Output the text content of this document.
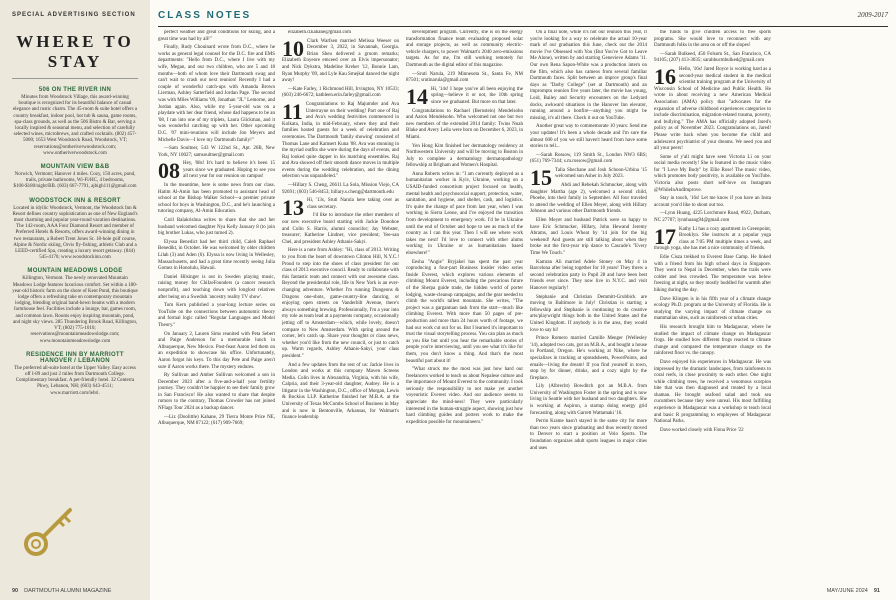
SPECIAL ADVERTISING SECTION
WHERE TO STAY
506 ON THE RIVER INN

Minutes from Woodstock Village, this award-winning boutique is recognized for its beautiful balance of casual elegance and rustic charm. The 45-room & suite hotel offers a country breakfast, indoor pool, hot tub & sauna, game rooms, spa-class grounds, as well as the 506 Bistro & Bar, serving a locally inspired & seasonal menu, and selection of carefully selected wines, microbrews, and crafted cocktails. (802) 457-5000; 1653 West Woodstock Road, Woodstock, VT; reservations@ontheriverwoodstock.com; www.ontheriverwoodstock.com

MOUNTAIN VIEW B&B

Norwich, Vermont; Hanover 4 miles. Cozy, 150 acres, pond, trails, private bathrooms, Wi-Fi/HC, 4 bedrooms, $100-$180/night/BB. (603) 667-7791, ajbigh111@gmail.com

WOODSTOCK INN & RESORT

Located in idyllic Woodstock, Vermont, the Woodstock Inn & Resort defines country sophistication as one of New England's most charming and popular year-round vacation destinations. The 142-room, AAA Four Diamond Resort and member of Preferred Hotels & Resorts, offers award-winning dining in two restaurants, a Robert Trent Jones Sr. 18-hole golf course, Alpine & Nordic skiing, Orvis fly-fishing, athletic Club and a LEED-certified Spa, creating a luxury resort getaway. (844) 545-4176; www.woodstockinn.com

MOUNTAIN MEADOWS LODGE

Killington, Vermont. The newly renovated Mountain Meadows Lodge features luxurious comfort. Set within a 180-year-old historic farm on the shore of Kent Pond, this boutique lodge offers a refreshing take on contemporary mountain lodging, blending original hand-hewn beams with a modern farmhouse feel. Facilities include a lounge, bar, games room, and common lawn. Rooms enjoy inspiring mountain, pond, and night sky views. 285 Thundering Brook Road, Killington, VT; (802) 775-1010; reservations@mountainmeadowslodge.com; www.mountainmeadowslodge.com

RESIDENCE INN BY MARRIOTT HANOVER / LEBANON

The preferred all-suite hotel at the Upper Valley. Easy access off I-89 and just 2 miles from Dartmouth College. Complimentary breakfast. A pet-friendly hotel. 32 Centerra Pkwy, Lebanon, NH; (603) 643-4511; www.marriott.com/lebri.

90 DARTMOUTH ALUMNI MAGAZINE
CLASS NOTES	2009-2017

perfect weather and great conditions for skiing, and a great time was had by all!"

Finally, Rudy Chouinard wrote from D.C., where he works as general legal counsel for the D.C. fire and EMS departments: "Hello from D.C., where I live with my wife, Megan, and our two children, who are 5 and 18 months—both of whom love their Dartmouth swag and can't wait to crash our next reunion! Recently I had a couple of wonderful catch-ups with Amanda Brown Lierman, Ashley Satterfield and Jordan Page. The second was with Miles Williams '09, Jonathan "JL" Lemorne, and Jordan again. Also, while my 5-year-old was on a playdate with her dear friend, whose dad happens to be an '08, I ran into one of my triplets, Laura Glickman, and it was wonderful catching up with her. Other upcoming D.C. '07 mini-reunions will include Jon Meyers and Michelle Davis—I love my Dartmouth family!"

—Sam Soultner, 543 W 122nd St., Apt. 26B, New York, NY 10027; samsoultner@gmail.com

08 Hey, '08s! It's hard to believe it's been 15 years since we graduated. Hoping to see you all next year for our reunion on campus!

In the meantime, here is some news from our class. Hatim Al-Amin has been promoted to assistant head of school at the Bishop Walker School—a premier private school for boys in Washington, D.C., and he's launching a tutoring company, Al-Amin Education.

Caril Balakrishna writes to share that she and her husband welcomed daughter Nya Kelly January 8 (to join big brother Lukas, who just turned 2).

Elyssa Benedict had her third child, Caleb Raphael Benedikt, in October. He was welcomed by older children Lilah (3) and Aden (6). Elyssa is now living in Wellesley, Massachusetts, and had a great time recently seeing Julia Gomez in Honolulu, Hawaii.

Daniel Hilsinger is out in Sweden playing music, raising money for ChiIzeFounders (a cancer research nonprofit), and touching down with longlost relatives after being on a Swedish 'ancestry reality TV show'.

Tom Kern published a year-long lecture series on YouTube on the connections between autonomic theory and formal logic called "Regular Languages and Model Theory."

On January 2, Lauren Sims reunited with Peta Sebert and Paige Anderson for a memorable lunch in Albuquerque, New Mexico. Post-feast Aaron led them on an expedition to showcase his office. Unfortunately, Aaron forgot his keys. To this day Pete and Paige aren't sure if Aaron works there. The mystery endures.

Ry Sullivan and Amber Sullivan welcomed a son in December 2023 after a five-and-a-half year fertility journey. They couldn't be happier to see their family grow in San Francisco! He also wanted to share that despite rumors to the contrary, Thomas Crowder has not joined NFlags Tour 2024 as a backup dancer.

—Liz (Doolittle) Kahane, 29 Tierra Monte Price NE, Albuquerque, NM 87122; (617) 909-7669;

elizabeth.d.kahane@gmail.com

10 Clark Warfsen married Melissa Weeser on December 3, 2022, in Savannah, Georgia. Brian Sheu delivered a groom remarks; Elizabeth Enyeore emceed over an Elvis impersonator; and Nick Dykstra, Madeline Kreher '12, Bonnie Lam, Ryan Murphy '09, and Lyle Kau Smejkal danced the night away!

—Kate Farley, 1 Richmond Hill, Irvington, NY 10533; (603) 246-6672; kathleen.erin.farley@gmail.com

11 Congratulations to Raj Majumder and Ava Unterrayne on their wedding! Part one of Raj and Ava's wedding festivities commenced in Kolkata, India, in mid-February, where they and their families hosted guests for a week of celebration and ceremonies. The Dartmouth 'family showing' consisted of Thomas Lane and Kamsert Kuna '08. Ava was stunning in the myriad outfits she wore during the days of events, and Raj looked quite dapper in his matching ensembles. Raj and Ava showed off their smooth dance moves in multiple events during the wedding celebration, and the dining selection was unparalleled."

—Hillary S. Cheng, 26611 La Sola, Mission Viejo, CA 92691; (603) 546-8453; hillary.s.cheng@dartmouth.edu

13 Hi, '13s, Sruti Narula here taking over as class secretary.

I'd like to introduce the other members of our new executive board starting with Jackie Donohoe and Colin S. Harris, alumni councilor; Jay Webster, treasurer; Katherine Lindner, vice president; Yee-san Chel, and president Ashley Athanis-Sakyi.

Here is a note from Ashley: "Hi, class of 2013. Writing to you from the heart of downtown Clinton Hill, N.Y.C.! Proud to step into the shoes of class president for our class of 2013 executive council. Ready to collaborate with this fantastic team and connect with our awesome class. Beyond the presidential role, life in New York is an ever-changing adventure. Whether I'm running Dungeons & Dragons one-shots, game-country-line dancing, or enjoying open streets on Vanderbilt Avenue, there's always something brewing. Professionally, I'm a year into my role as team lead at a payments company, occasionally jetting off to Amsterdam—which, while lovely, doesn't compare to New Amsterdam. With spring around the corner, let's catch up. Share your thoughts or class news, whether you'd like from the new council, or just to catch up. Warm regards, Ashley Athanis-Sakyi, your class president."

And a few updates from the rest of us: Jackie lives in London and works at this company Maven Screens Media. Colin lives in Alexandria, Virginia, with his wife, Calpria, and their 3-year-old daughter, Audrey. He is a litigator in the Washington, D.C., office of Morgan, Lewis & Bockius LLP. Katherine finished her M.B.A. at the University of Texas McCombs School of Business in May and is now in Bentonville, Arkansas, for Walmart's finance leadership

development program. Currently, she is on the energy transformation finance team evaluating proposed solar and storage projects, as well as community electric-vehicle chargers, to power Walmart's 2040 zero-emissions targets. As for me, I'm still working remotely for Dartmouth as the digital editor of this magazine.

—Sruti Narula, 219 Minnesota St., Santa Fe, NM 87501; srutinarula@gmail.com

14 Hi, '14s! I hope you've all been enjoying the spring—believe it or not, the 10th spring since we graduated. But more on that later.

Congratulations to Rachael (Bernstein) Mendelsohn and Aaron Mendelsohn. Who welcomed not one but two new members of the extended 2014 family: Twins Noah Blake and Avery Leila were born on December 6, 2023, in Miami.

Yen Hong Kim finished her dermatology residency at Northwestern University and will be moving to Boston in July to complete a dermatology dermatopathology fellowship at Brigham and Women's Hospital.

Anna Roberts writes in: "I am currently deployed as a humanitarian worker in Kyiv, Ukraine, working on a USAID-funded consortium project focused on health, mental health and psychosocial support, protection, water, sanitation, and hygiene, and shelter, cash, and logistics. It's quite the change of pace from last year, when I was working in Sierra Leone, and I've enjoyed the transition from development to emergency work. I'd be in Ukraine until the end of October and hope to see as much of the country as I can this year. Then I will see where work takes me next! I'd love to connect with other alums working in Ukraine or as humanitarians based elsewhere!"

Eesha "Angie" Bryjakel has spent the past year coproducing a four-part Business Insider video series Inside Everest, which explores various elements of climbing Mount Everest, including the precarious future of the Sherpa guide trade, the hidden world of porter lodging, waste-cleanup campaigns, and the gear needed to climb the world's tallest mountain. She writes, "The project was a gargantuan task from the start—much like climbing Everest. With more than 50 pages of pre-production and more than 24 hours worth of footage, we had our work cut out for us. But I learned it's important to trust the visual storytelling process. You can plan as much as you like but until you hear the remarkable stories of people you're interviewing, until you see what it's like for them, you don't know a thing. And that's the most beautiful part about it!

"What struck me the most was just how hard our freelancers worked to teach us about Nepalese culture and the importance of Mount Everest to the community. I took seriously the responsibility to not make yet another voyeuristic Everest video. And our audience seems to appreciate the mind-ness! They were particularly interested in the human-struggle aspect, showing just how hard climbing guides and porters work to make the expedition possible for mountaineers."

On a final note, while it's not our reunion this year, if you're looking for a way to celebrate the actual 10-year mark of our graduation this June, check out the 2014 movie I've Obsessed with You (But You've Got to Leave Me Alone), written by and starring Genevieve Adams '11. Our own Rena Sapon-White was a production intern on the film, which also has cameos from several familiar Dartmouth faces. Split between an improv group's final days as "Darby College" (set at Dartmouth) and an impromptu reunion five years later, the movie has young, Loid, Bailey and Security encounters on the Ledyard docks, awkward situations in the Hanover Inn elevator, running around a bonfire—anything you might be missing, it's all there. Check it out on YouTube.

Another great way to commemorate 10 years: Send me your updates! It's been a whole decade and I'm sure the almost 600 of you we still haven't heard from have some stories to tell...

—Sarah Rossow, 119 Smith St., London NW3 6BS; (651) 769-7344; s.m.rossow@gmail.com

15 Talia Shechane and Josh Schoon-Urbina '15 welcomed son Asher in July 2023.

Abdi and Rebekah Schmucker, along with daughter Martha (age 2), welcomed a second child, Phoebe, into their family in September. All four traveled to attend the wedding of Ellen Meyer, along with Hillary Johnson and various other Dartmouth friends.

Ellen Meyer and husband Patrick were so happy to have Eric Schmucker, Hillary, John Hewand Jeremy Abrams, and Louis Wheat by '14 join for the big weekend! And guests are still talking about when they broke out the first-year trip dance to Cascade's "Every Time We Touch."

Kamran Ali married Adele Stoney on May 4 in Barcelona after being together for 10 years! They threw a second celebration party in Pupil 28 and have been best friends ever since. They now live in N.Y.C. and visit Hanover regularly!

Stephanie and Christian Demmitt-Grubbick are moving to Baltimore in July! Christian is starting a fellowship and Stephanie is continuing to do creative arts/playwright things both in the United States and the United Kingdom. If anybody is in the area, they would love to say hi!

Prince Romero married Camille Menger (Wellesley '14), adopted two cats, got an M.B.A., and bought a house in Portland, Oregon. He's working at Nike, where he specializes in tracking at spreadsheets, PowerPoints, and emails—living the dream! If you find yourself in town, stop by for dinner, drinks, and a cozy night by the fireplace.

Lily (Albrecht) Bowditch got an M.B.A. from University of Washington Foster in the spring and is now living in Seattle with her husband and two daughters. She is working at Aspiron, a startup doing energy grid forecasting, along with Garrett Wattamaki '16.

Perrin Krame hasn't stayed in the same city for more than two years since graduating and thus recently moved to Denver to start a position at Volo Sports. The foundation organizes adult sports leagues in major cities and uses

the funds to give children access to free sports programs. She would love to reconnect with any Dartmouth folks in the area on or off the slopes!

—Sarah Bulkeed, 450 Folsom St., San Francisco, CA 94105; (207) 413-3035; sarahbucmbulked@gmail.com

16 Hello, '16s! Jared Boyce is working hard as a second-year medical student in the medical scientist training program at the University of Wisconsin School of Medicine and Public Health. He wrote in about receiving a new American Medical Association (AMA) policy that "advocates for the expansion of adverse childhood experiences categories to include discrimination, migration-related trauma, poverty, and bullying." The AMA has officially adopted Jared's policy as of November 2023. Congratulations on, Jared! Please write back when you become the child and adolescent psychiatrist of your dreams. We need you and all your peers!

Some of y'all might have seen Victoria Li on your social media recently! She is featured in the music video for "I Love My Body" by Ellie Rose! The music video, which promotes body positivity, is available on YouTube. Victoria also posts short self-love on Instagram @WhileInAndImprove.

Stay in touch, '16s! Let me know if you have an Insta account you'd like to shout out too.

—Lynn Huang, 4225 Lorchmore Road, #922, Durham, NC 27707; lynnhuang94@gmail.com

17 Kathy Li has a cozy apartment in Greenpoint, Brooklyn. She instructs at a popular yoga class at 7:05 PM multiple times a week, and through yoga, she has met a nice community of friends.

Edie Cisza trekked to Everest Base Camp. He linked with a friend from his high school days in Singapore. They went to Nepal in December, when the trails were colder and less crowded. The temperature was below freezing at night, so they mostly huddled for warmth after hiking during the day.

Dave Klingen is in his fifth year of a climate change ecology Ph.D. program at the University of Florida. He is studying the varying impact of climate change on mammalian sites, such as rainforests or urban cities.

His research brought him to Madagascar, where he studied the impact of climate change on Madagascar frogs. He studied how different frogs reacted to climate change and compared the temperature change on the rainforest floor vs. the canopy.

Dave enjoyed his experiences in Madagascar. He was impressed by the dramatic landscapes, from rainforests to coral reefs, in close proximity to each other. One night while climbing trees, he received a venomous scorpion bite that was then diagnosed and treated by a local shaman. He brought seafood salad and took sea cucumbers because they were unreal. His most fulfilling experience in Madagascar was a workshop to teach local and basic R programming to employees of Madagascar National Parks.

Dave worked closely with Fiona Price '22

MAY/JUNE 2024 91
